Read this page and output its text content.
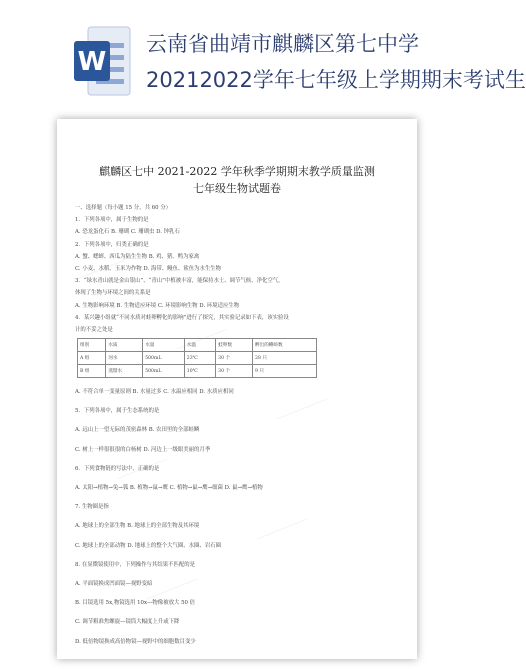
W
云南省曲靖市麒麟区第七中学
20212022学年七年级上学期期末考试生
麒麟区七中 2021-2022 学年秋季学期期末教学质量监测
七年级生物试题卷
一、选择题（每小题 15 分，共 60 分）
1．下列各项中，属于生物的是
A. 恐龙蛋化石 B. 珊瑚 C. 珊瑚虫 D. 钟乳石
2．下列各项中，归类正确的是
A. 蟹、蟋蟀、西瓜为陆生生物 B. 鸡、猪、鸭为家禽
C. 小麦、水稻、玉米为作物 D. 海带、鳗鱼、鲨鱼为水生生物
3．“绿水青山就是金山银山”、“青山”中植被丰富，能保持水土、调节气候、净化空气，
体现了生物与环境之间的关系是
A. 生物影响环境 B. 生物适应环境 C. 环境影响生物 D. 环境适应生物
4．某兴趣小组就“不同水质对蛙卵孵化的影响”进行了探究，其实验记录如下表，该实验设
计的不妥之处是
组别	水质	水量	水温	蛙卵数	孵出的蝌蚪数
A 组	河水	500mL	23℃	30 个	28 只
B 组	蒸馏水	500mL	10℃	30 个	9 只
A. 不符合单一变量原则 B. 水量过多 C. 水温应相同 D. 水质应相同
5．下列各项中，属于生态系统的是
A. 远山上一望无际的茂密森林 B. 农田里的全部蛙鳞
C. 树上一样很很很的白杨树 D. 河边上一级眼美丽的月季
6．下列食物链的写法中，正确的是
A. 太阳→植物→兔→狐 B. 植物→鼠→鹰 C. 植物→鼠→鹰→细菌 D. 鼠→鹰→植物
7. 生物圈是指
A. 地球上的全部生物 B. 地球上的全部生物及其环境
C. 地球上的全部动物 D. 地球上的整个大气圈、水圈、岩石圈
8. 在显微镜使用中，下列操作与其结果不匹配的是
A. 平面镜换成凹面镜—视野变暗
B. 目镜选用 5x,物镜选用 10x—物像被放大 50 倍
C. 调节粗准焦螺旋—镜筒大幅度上升或下降
D. 低倍物镜换成高倍物镜—视野中的细胞数目变少
